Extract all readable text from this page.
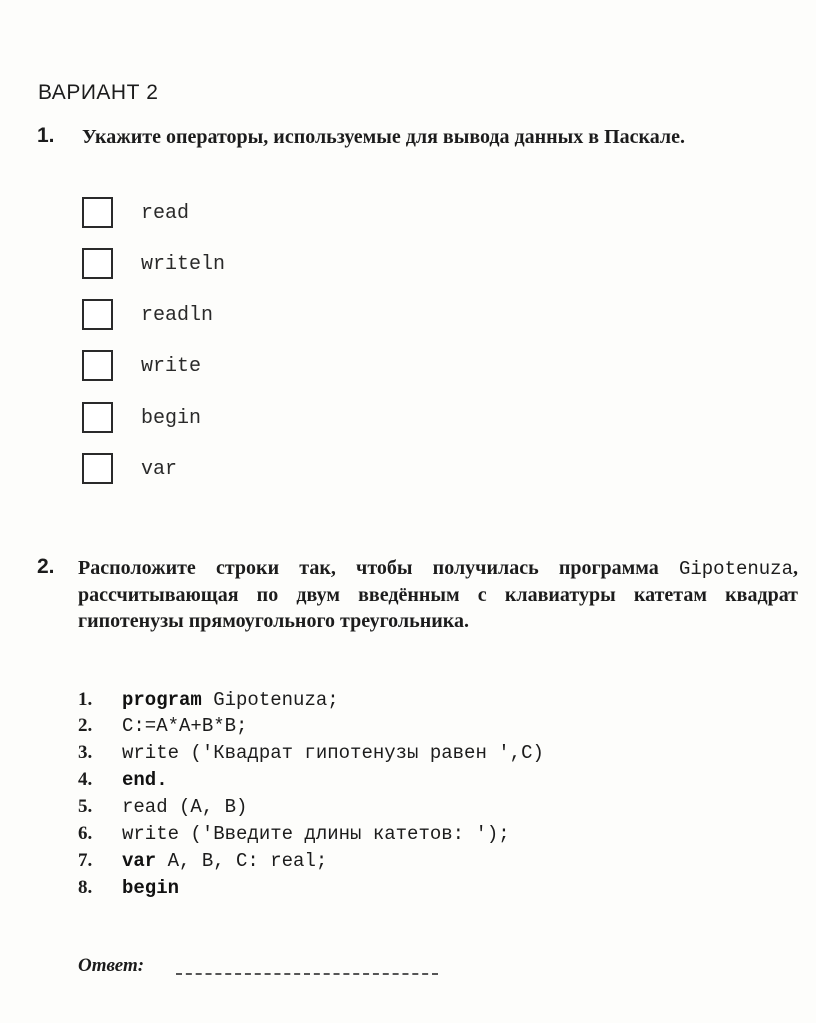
ВАРИАНТ 2
1. Укажите операторы, используемые для вывода данных в Паскале.
read
writeln
readln
write
begin
var
2. Расположите строки так, чтобы получилась программа Gipotenuza, рассчитывающая по двум введённым с клавиатуры катетам квадрат гипотенузы прямоугольного треугольника.
1. program Gipotenuza;
2. C:=A*A+B*B;
3. write ('Квадрат гипотенузы равен ',C)
4. end.
5. read (A, B)
6. write ('Введите длины катетов: ');
7. var A, B, C: real;
8. begin
Ответ:
